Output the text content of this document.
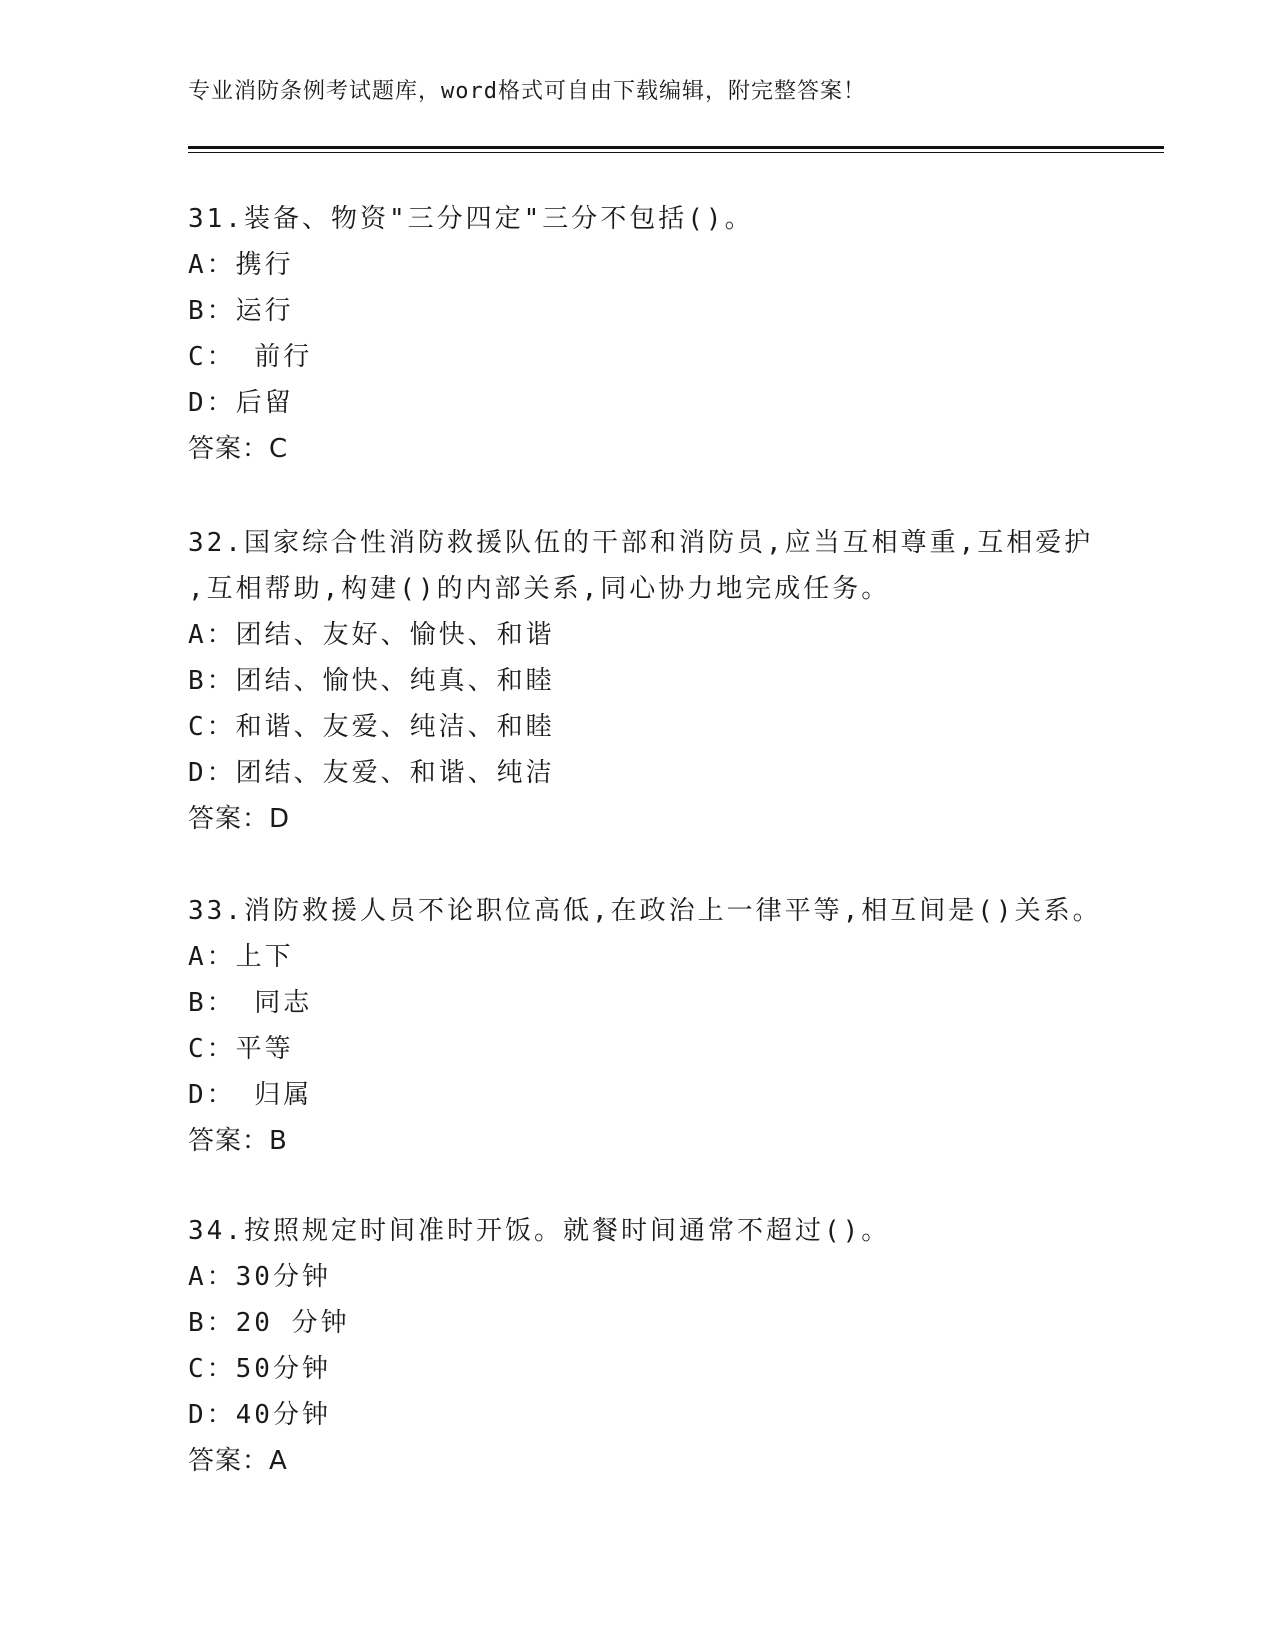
专业消防条例考试题库，word格式可自由下载编辑，附完整答案！
31.装备、物资"三分四定"三分不包括()。
A：携行
B：运行
C： 前行
D：后留
答案：C
32.国家综合性消防救援队伍的干部和消防员,应当互相尊重,互相爱护
,互相帮助,构建()的内部关系,同心协力地完成任务。
A：团结、友好、愉快、和谐
B：团结、愉快、纯真、和睦
C：和谐、友爱、纯洁、和睦
D：团结、友爱、和谐、纯洁
答案：D
33.消防救援人员不论职位高低,在政治上一律平等,相互间是()关系。
A：上下
B： 同志
C：平等
D： 归属
答案：B
34.按照规定时间准时开饭。就餐时间通常不超过()。
A：30分钟
B：20 分钟
C：50分钟
D：40分钟
答案：A
